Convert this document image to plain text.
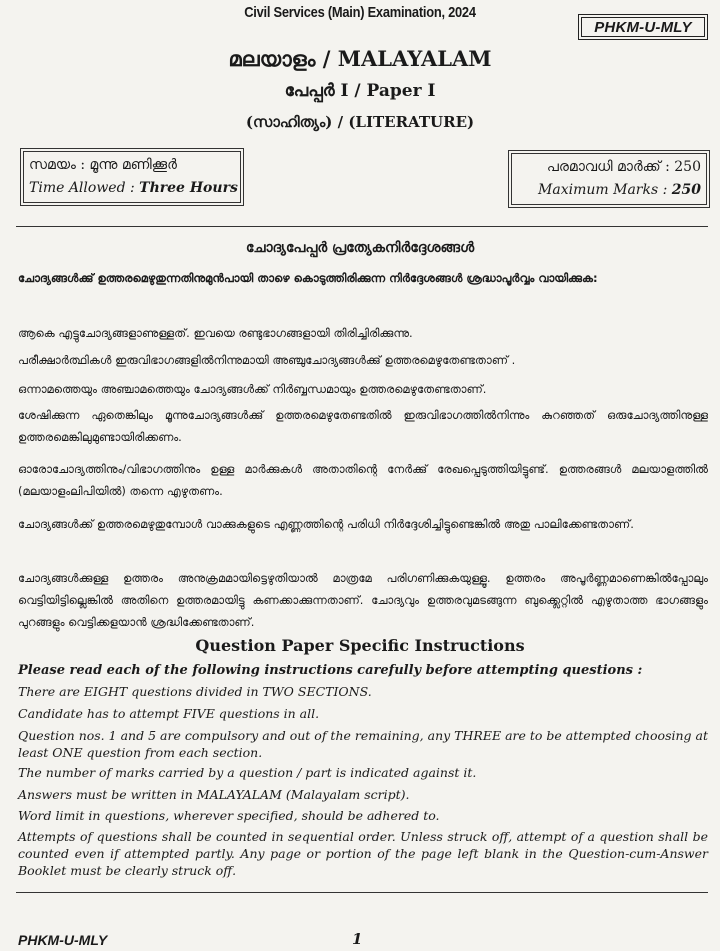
Civil Services (Main) Examination, 2024
PHKM-U-MLY
മലയാളം / MALAYALAM
പേപ്പർ I / Paper I
(സാഹിത്യം) / (LITERATURE)
സമയം : മൂന്നു മണിക്കൂർ
Time Allowed : Three Hours
പരമാവധി മാർക്ക് : 250
Maximum Marks : 250
ചോദ്യപേപ്പർ പ്രത്യേകനിർദ്ദേശങ്ങൾ
ചോദ്യങ്ങൾക്കു് ഉത്തരമെഴുതുന്നതിനുമുൻപായി താഴെ കൊടുത്തിരിക്കുന്ന നിർദ്ദേശങ്ങൾ ശ്രദ്ധാപൂർവ്വം വായിക്കുക:
ആകെ എട്ടുചോദ്യങ്ങളാണുള്ളത്. ഇവയെ രണ്ടുഭാഗങ്ങളായി തിരിച്ചിരിക്കുന്നു.
പരീക്ഷാർത്ഥികൾ ഇരുവിഭാഗങ്ങളിൽനിന്നുമായി അഞ്ചുചോദ്യങ്ങൾക്കു് ഉത്തരമെഴുതേണ്ടതാണ് .
ഒന്നാമത്തെയും അഞ്ചാമത്തെയും ചോദ്യങ്ങൾക്ക് നിർബ്ബന്ധമായും ഉത്തരമെഴുതേണ്ടതാണ്.
ശേഷിക്കുന്ന ഏതെങ്കിലും മൂന്നുചോദ്യങ്ങൾക്കു് ഉത്തരമെഴുതേണ്ടതിൽ ഇരുവിഭാഗത്തിൽനിന്നും കുറഞ്ഞത് ഒരുചോദ്യത്തിനുള്ള ഉത്തരമെങ്കിലുമുണ്ടായിരിക്കണം.
ഓരോചോദ്യത്തിനും/വിഭാഗത്തിനും ഉള്ള മാർക്കുകൾ അതാതിന്റെ നേർക്കു് രേഖപ്പെടുത്തിയിട്ടുണ്ട്. ഉത്തരങ്ങൾ മലയാളത്തിൽ (മലയാളംലിപിയിൽ) തന്നെ എഴുതണം.
ചോദ്യങ്ങൾക്ക് ഉത്തരമെഴുതുമ്പോൾ വാക്കുകളുടെ എണ്ണത്തിന്റെ പരിധി നിർദ്ദേശിച്ചിട്ടുണ്ടെങ്കിൽ അതു പാലിക്കേണ്ടതാണ്.
ചോദ്യങ്ങൾക്കുള്ള ഉത്തരം അനുക്രമമായിട്ടെഴുതിയാൽ മാത്രമേ പരിഗണിക്കുകയുള്ളൂ. ഉത്തരം അപൂർണ്ണമാണെങ്കിൽപ്പോലും വെട്ടിയിട്ടില്ലെങ്കിൽ അതിനെ ഉത്തരമായിട്ടു കണക്കാക്കുന്നതാണ്. ചോദ്യവും ഉത്തരവുമടങ്ങുന്ന ബുക്ക്ലെറ്റിൽ എഴുതാത്ത ഭാഗങ്ങളും പുറങ്ങളും വെട്ടിക്കളയാൻ ശ്രദ്ധിക്കേണ്ടതാണ്.
Question Paper Specific Instructions
Please read each of the following instructions carefully before attempting questions :
There are EIGHT questions divided in TWO SECTIONS.
Candidate has to attempt FIVE questions in all.
Question nos. 1 and 5 are compulsory and out of the remaining, any THREE are to be attempted choosing at least ONE question from each section.
The number of marks carried by a question / part is indicated against it.
Answers must be written in MALAYALAM (Malayalam script).
Word limit in questions, wherever specified, should be adhered to.
Attempts of questions shall be counted in sequential order. Unless struck off, attempt of a question shall be counted even if attempted partly. Any page or portion of the page left blank in the Question-cum-Answer Booklet must be clearly struck off.
PHKM-U-MLY	1
